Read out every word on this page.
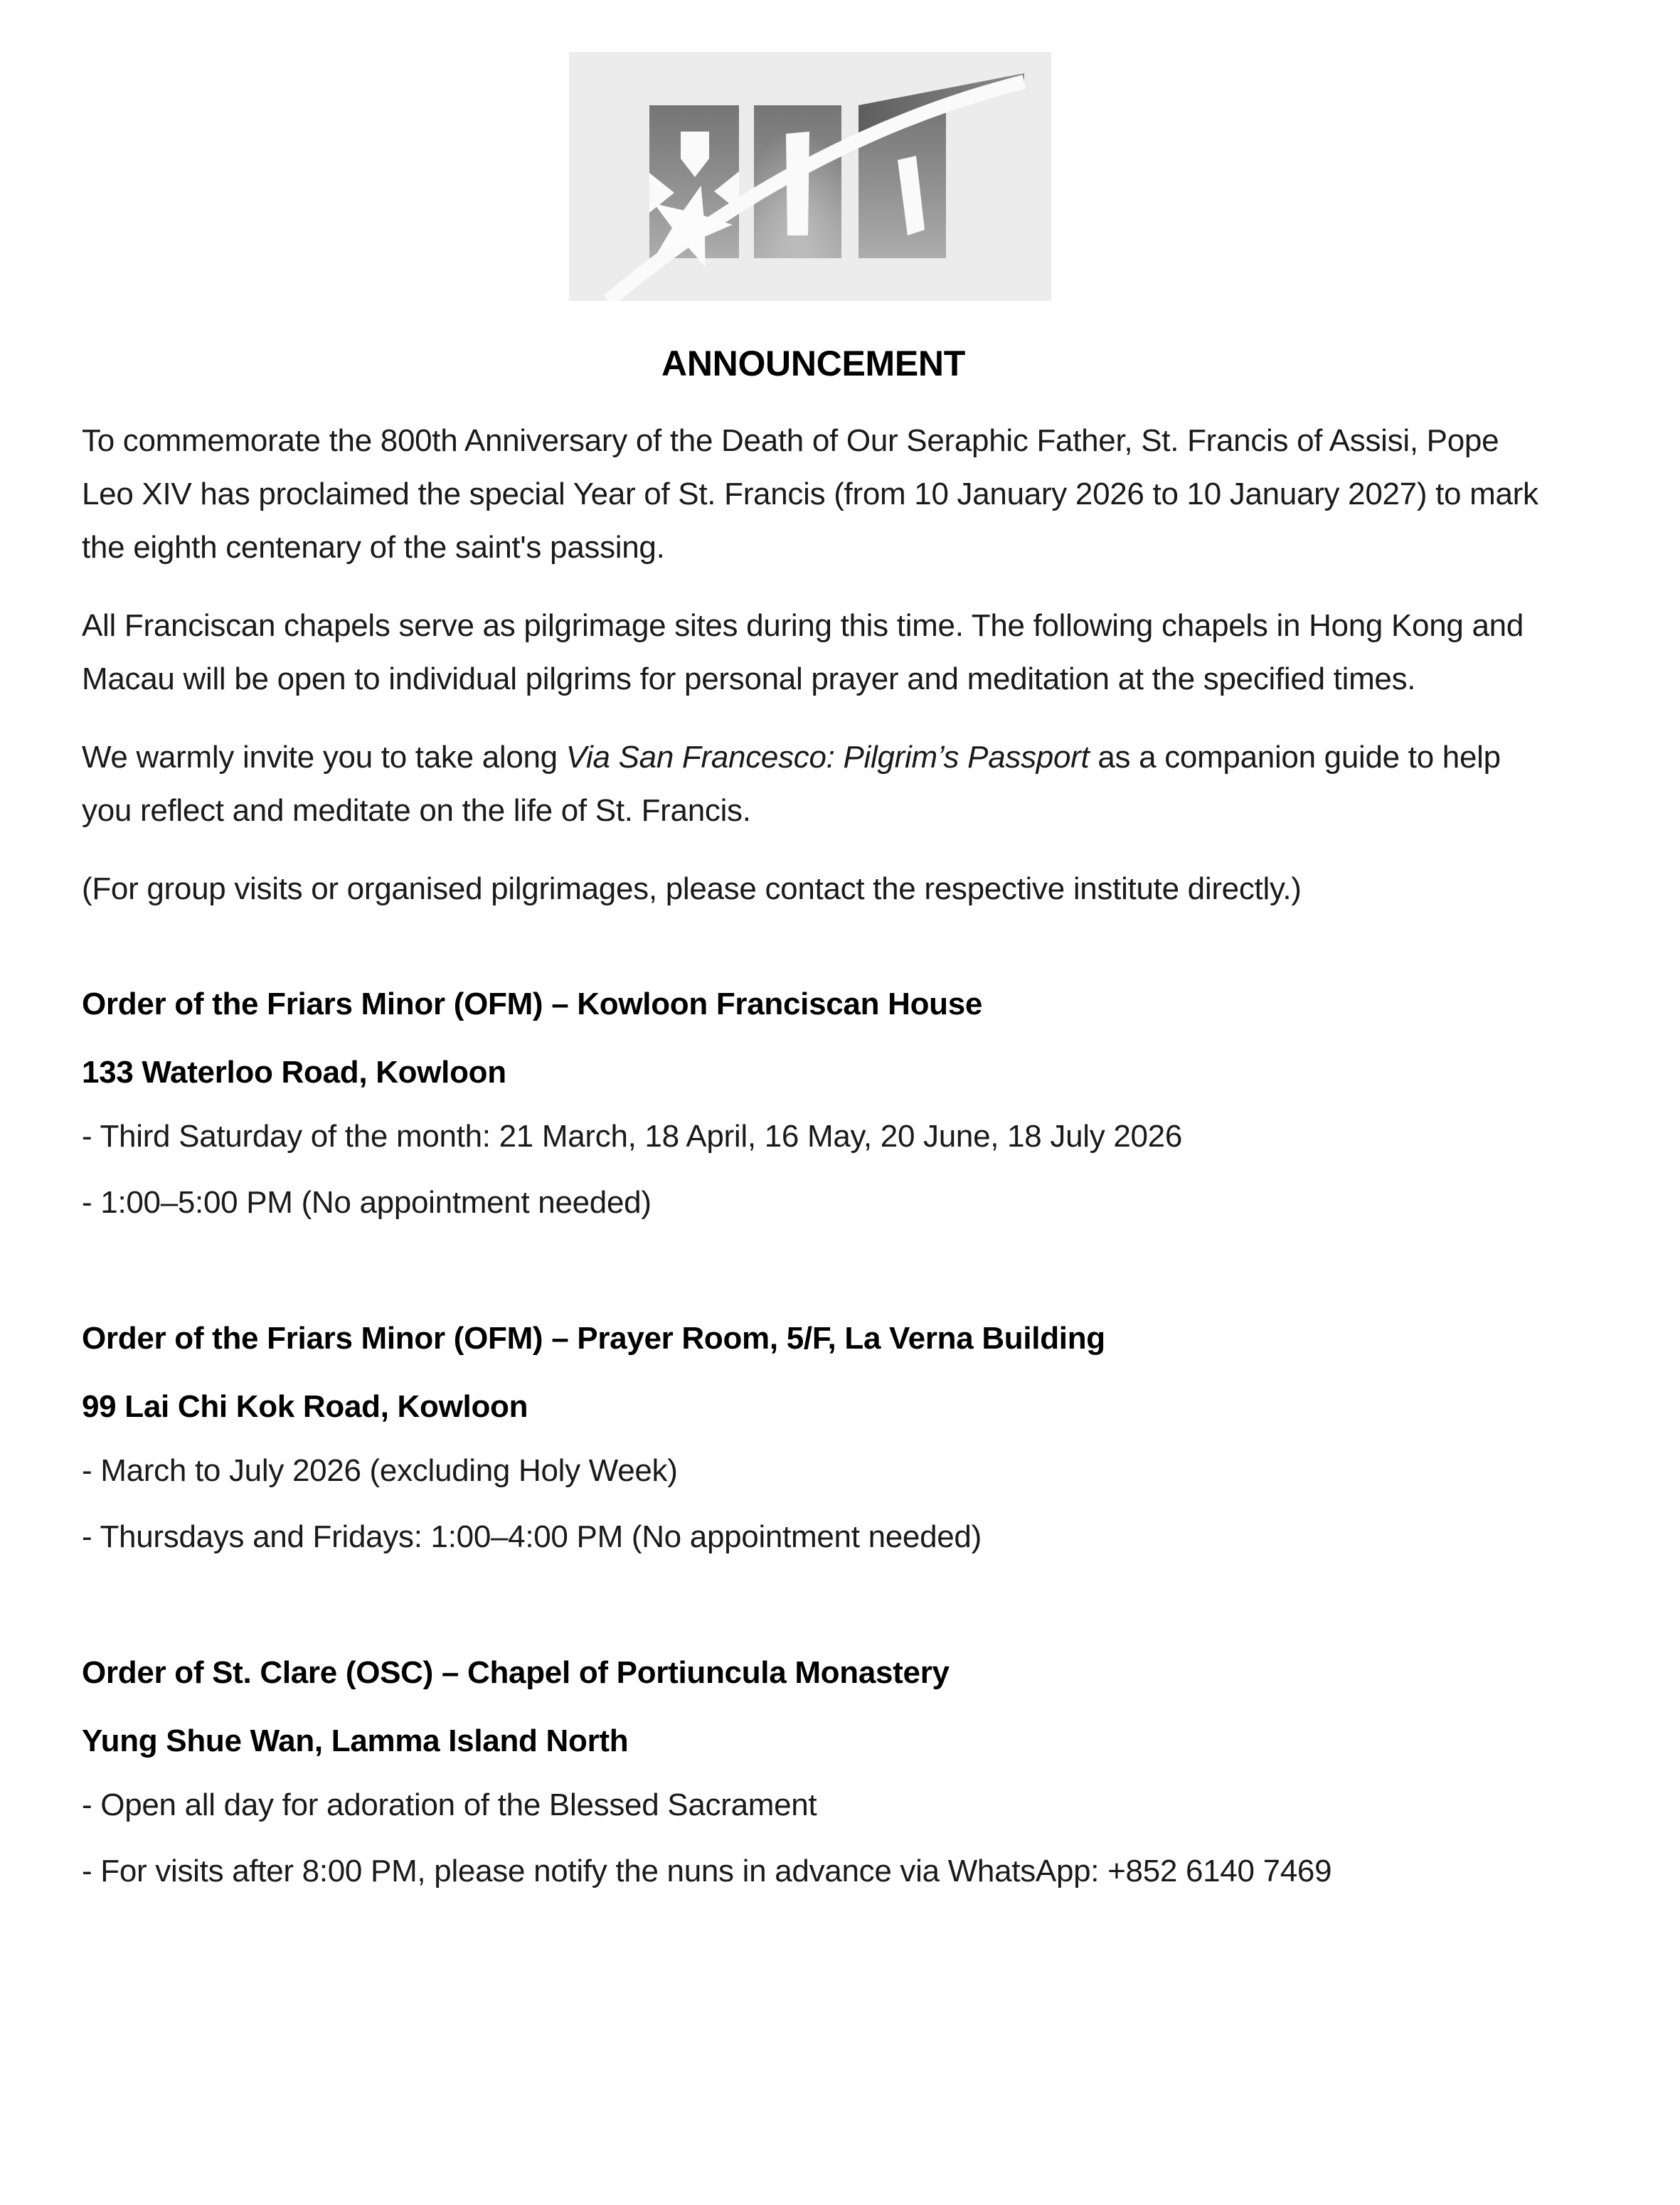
ANNOUNCEMENT

To commemorate the 800th Anniversary of the Death of Our Seraphic Father, St. Francis of Assisi, Pope Leo XIV has proclaimed the special Year of St. Francis (from 10 January 2026 to 10 January 2027) to mark the eighth centenary of the saint's passing.

All Franciscan chapels serve as pilgrimage sites during this time. The following chapels in Hong Kong and Macau will be open to individual pilgrims for personal prayer and meditation at the specified times.

We warmly invite you to take along Via San Francesco: Pilgrim’s Passport as a companion guide to help you reflect and meditate on the life of St. Francis.

(For group visits or organised pilgrimages, please contact the respective institute directly.)

Order of the Friars Minor (OFM) – Kowloon Franciscan House

133 Waterloo Road, Kowloon

- Third Saturday of the month: 21 March, 18 April, 16 May, 20 June, 18 July 2026

- 1:00–5:00 PM (No appointment needed)

Order of the Friars Minor (OFM) – Prayer Room, 5/F, La Verna Building

99 Lai Chi Kok Road, Kowloon

- March to July 2026 (excluding Holy Week)

- Thursdays and Fridays: 1:00–4:00 PM (No appointment needed)

Order of St. Clare (OSC) – Chapel of Portiuncula Monastery

Yung Shue Wan, Lamma Island North

- Open all day for adoration of the Blessed Sacrament

- For visits after 8:00 PM, please notify the nuns in advance via WhatsApp: +852 6140 7469
